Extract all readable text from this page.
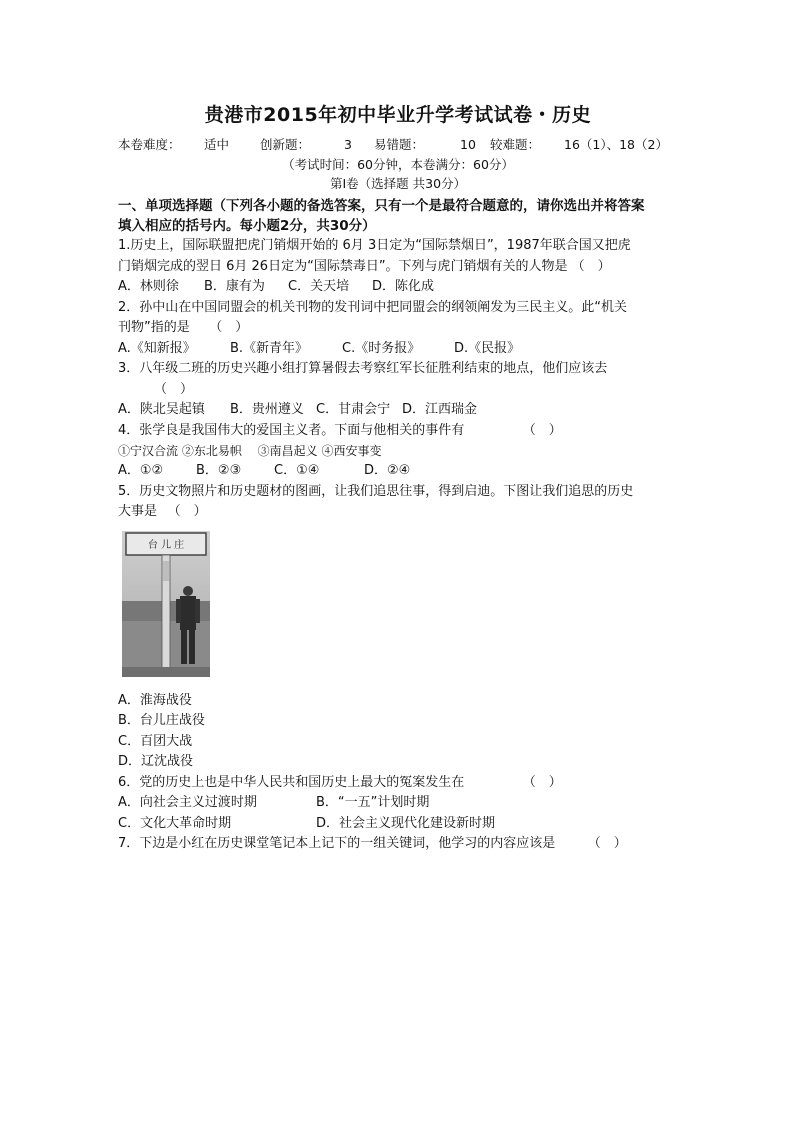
贵港市2015年初中毕业升学考试试卷・历史
本卷难度： 适中 创新题：	3 易错题：	10 较难题： 16（1）、18（2）
（考试时间：60分钟，本卷满分：60分）
第Ⅰ卷（选择题 共30分）
一、单项选择题（下列各小题的备选答案，只有一个是最符合题意的，请你选出并将答案
填入相应的括号内。每小题2分，共30分）
1.历史上，国际联盟把虎门销烟开始的 6月 3日定为“国际禁烟日”，1987年联合国又把虎
门销烟完成的翌日 6月 26日定为“国际禁毒日”。下列与虎门销烟有关的人物是 （　）
A．林则徐 B．康有为 C．关天培 D．陈化成
2．孙中山在中国同盟会的机关刊物的发刊词中把同盟会的纲领阐发为三民主义。此“机关
刊物”指的是　　（　）
A.《知新报》	B.《新青年》	C.《时务报》	D.《民报》
3．八年级二班的历史兴趣小组打算暑假去考察红军长征胜利结束的地点，他们应该去
（　）
A．陕北吴起镇 B．贵州遵义 C．甘肃会宁 D．江西瑞金
4．张学良是我国伟大的爱国主义者。下面与他相关的事件有　　　　　（　）
①宁汉合流 ②东北易帜 　③南昌起义 ④西安事变
A．①②	B．②③	C．①④	D．②④
5．历史文物照片和历史题材的图画，让我们追思往事，得到启迪。下图让我们追思的历史
大事是 　（　）
台 儿 庄
A．淮海战役
B．台儿庄战役
C．百团大战
D．辽沈战役
6．党的历史上也是中华人民共和国历史上最大的冤案发生在　　　　　（　）
A．向社会主义过渡时期	B．“一五”计划时期
C．文化大革命时期	D．社会主义现代化建设新时期
7．下边是小红在历史课堂笔记本上记下的一组关键词，他学习的内容应该是　　　（　）
